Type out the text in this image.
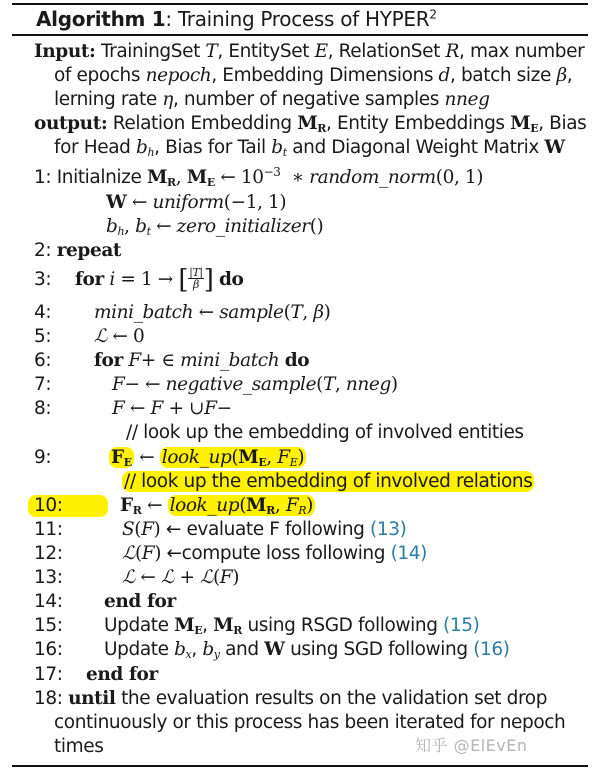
Algorithm 1: Training Process of HYPER$^2$
Input: TrainingSet T, EntitySet E, RelationSet R, max number
of epochs nepoch, Embedding Dimensions d, batch size β,
lerning rate η, number of negative samples nneg
output: Relation Embedding $M_R$, Entity Embeddings $M_E$, Bias
for Head $b_h$, Bias for Tail $b_t$ and Diagonal Weight Matrix W
1: Initialnize $M_R$, $M_E$ ← $10^{-3}$  ∗ random_norm(0, 1)
W ← uniform(−1, 1)
$b_h$, $b_t$ ← zero_initializer()
2: repeat
3: for i = 1 → [ $\frac{|T|}{\beta}$ ] do
4: mini_batch ← sample(T, β)
5: ℒ ← 0
6: for F+ ∈ mini_batch do
7:	F− ← negative_sample(T, nneg)
8:	F ← F + ∪F−
// look up the embedding of involved entities
9:	$F_E$ ← $look\_up(M_E$, $F_E$)
// look up the embedding of involved relations
10:	$F_R$ ← $look\_up(M_R$, $F_R$)
11:	S(F) ← evaluate F following (13)
12:	ℒ(F) ←compute loss following (14)
13:	ℒ ← ℒ + ℒ(F)
14: end for
15: Update $M_E$, $M_R$ using RSGD following (15)
16: Update $b_x$, $b_y$ and W using SGD following (16)
17: end for
18: until the evaluation results on the validation set drop
continuously or this process has been iterated for nepoch
times	知乎 @ElEvEn
